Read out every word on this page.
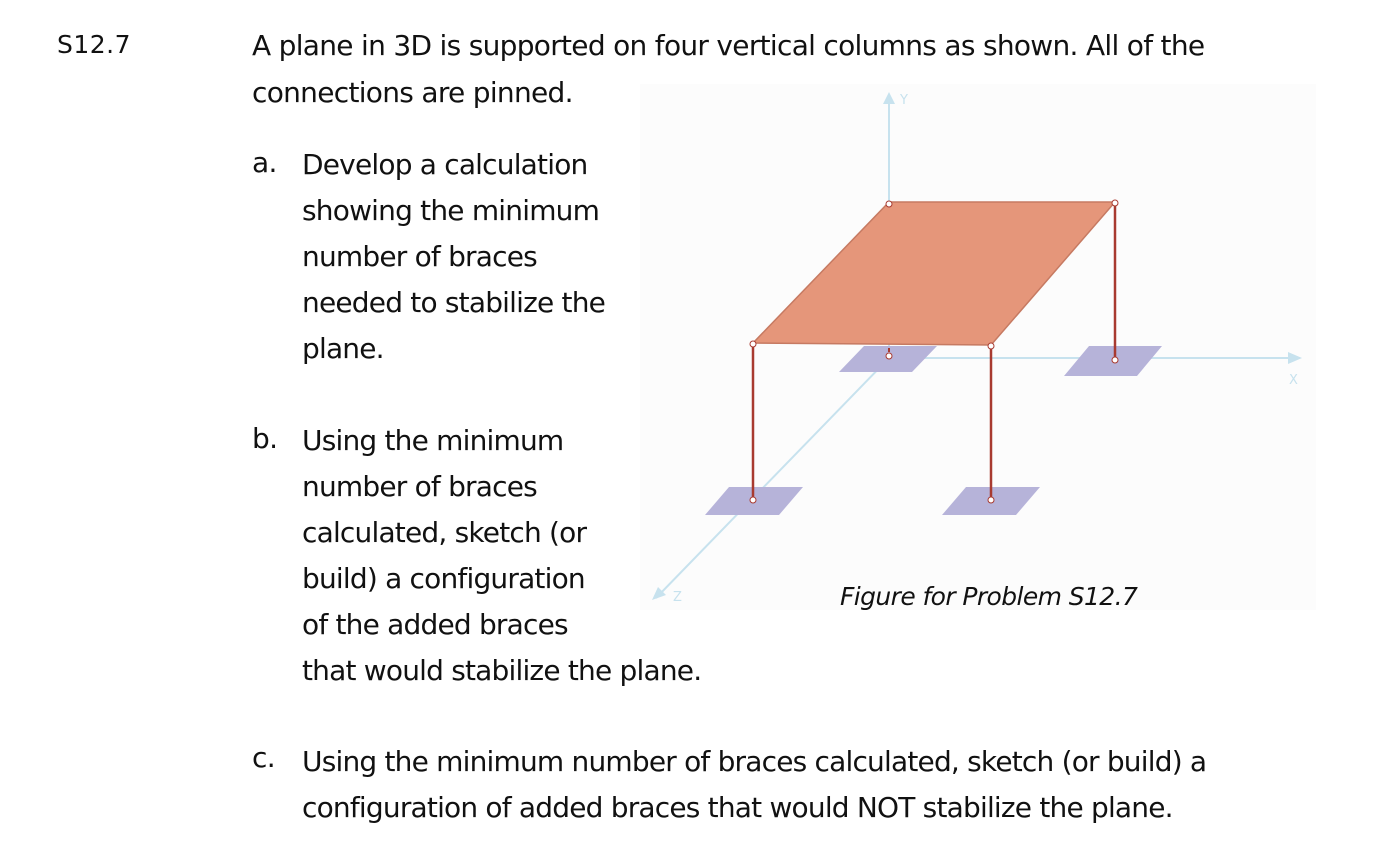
S12.7	A plane in 3D is supported on four vertical columns as shown. All of the
connections are pinned.

a. Develop a calculation
showing the minimum
number of braces
needed to stabilize the
plane.

b. Using the minimum
number of braces
calculated, sketch (or
build) a configuration
of the added braces
that would stabilize the plane.

Y
X
Z	Figure for Problem S12.7
c. Using the minimum number of braces calculated, sketch (or build) a
configuration of added braces that would NOT stabilize the plane.
